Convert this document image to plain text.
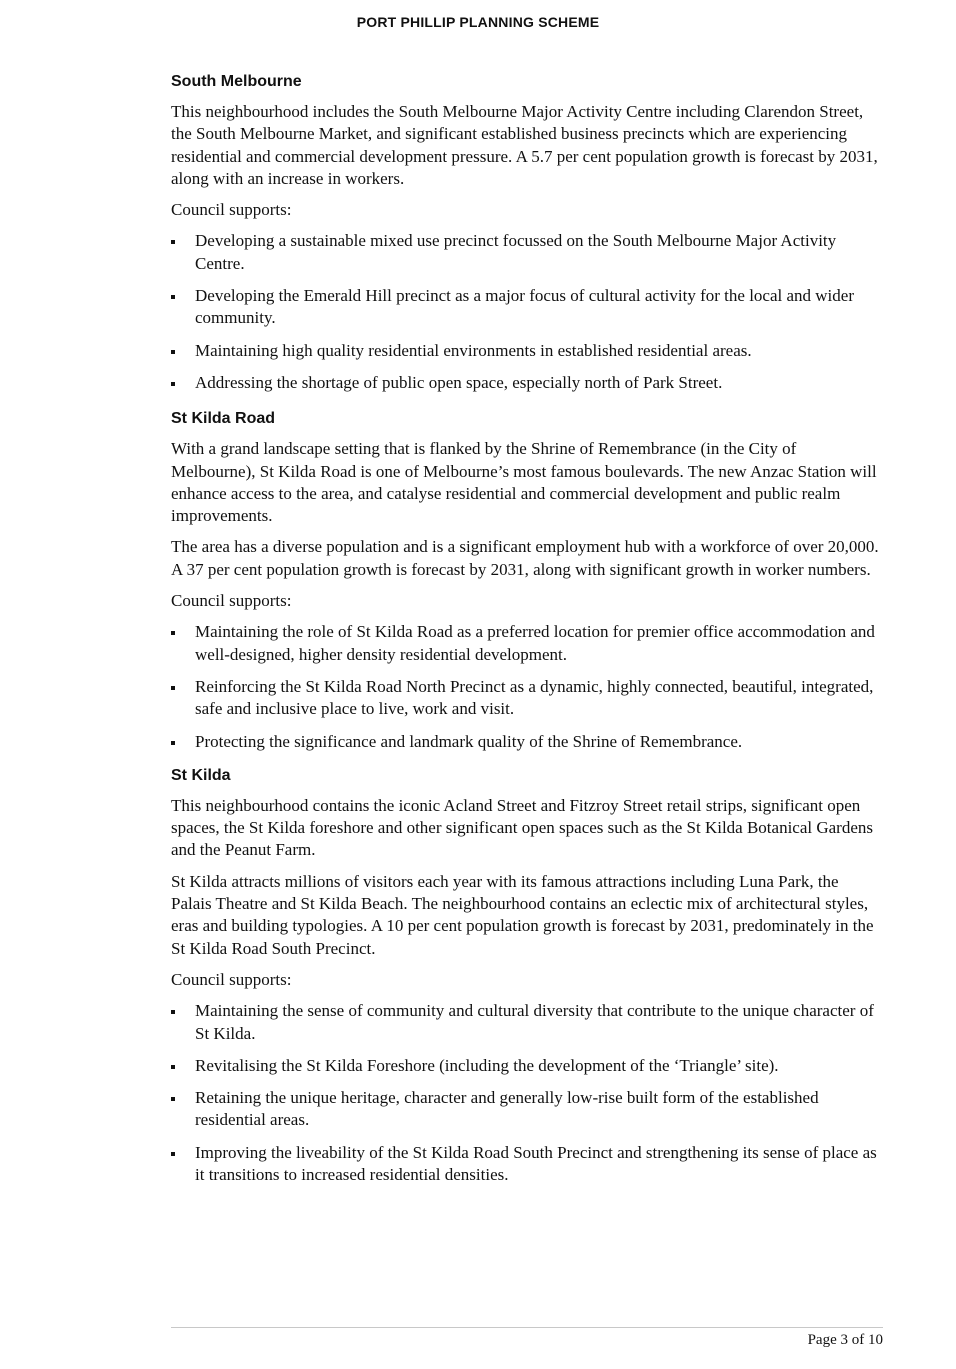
PORT PHILLIP PLANNING SCHEME
South Melbourne

This neighbourhood includes the South Melbourne Major Activity Centre including Clarendon Street, the South Melbourne Market, and significant established business precincts which are experiencing residential and commercial development pressure. A 5.7 per cent population growth is forecast by 2031, along with an increase in workers.

Council supports:

Developing a sustainable mixed use precinct focussed on the South Melbourne Major Activity Centre.
Developing the Emerald Hill precinct as a major focus of cultural activity for the local and wider community.
Maintaining high quality residential environments in established residential areas.
Addressing the shortage of public open space, especially north of Park Street.
St Kilda Road

With a grand landscape setting that is flanked by the Shrine of Remembrance (in the City of Melbourne), St Kilda Road is one of Melbourne’s most famous boulevards. The new Anzac Station will enhance access to the area, and catalyse residential and commercial development and public realm improvements.

The area has a diverse population and is a significant employment hub with a workforce of over 20,000. A 37 per cent population growth is forecast by 2031, along with significant growth in worker numbers.

Council supports:

Maintaining the role of St Kilda Road as a preferred location for premier office accommodation and well-designed, higher density residential development.
Reinforcing the St Kilda Road North Precinct as a dynamic, highly connected, beautiful, integrated, safe and inclusive place to live, work and visit.
Protecting the significance and landmark quality of the Shrine of Remembrance.
St Kilda

This neighbourhood contains the iconic Acland Street and Fitzroy Street retail strips, significant open spaces, the St Kilda foreshore and other significant open spaces such as the St Kilda Botanical Gardens and the Peanut Farm.

St Kilda attracts millions of visitors each year with its famous attractions including Luna Park, the Palais Theatre and St Kilda Beach. The neighbourhood contains an eclectic mix of architectural styles, eras and building typologies. A 10 per cent population growth is forecast by 2031, predominately in the St Kilda Road South Precinct.

Council supports:

Maintaining the sense of community and cultural diversity that contribute to the unique character of St Kilda.
Revitalising the St Kilda Foreshore (including the development of the ‘Triangle’ site).
Retaining the unique heritage, character and generally low-rise built form of the established residential areas.
Improving the liveability of the St Kilda Road South Precinct and strengthening its sense of place as it transitions to increased residential densities.
Page 3 of 10
